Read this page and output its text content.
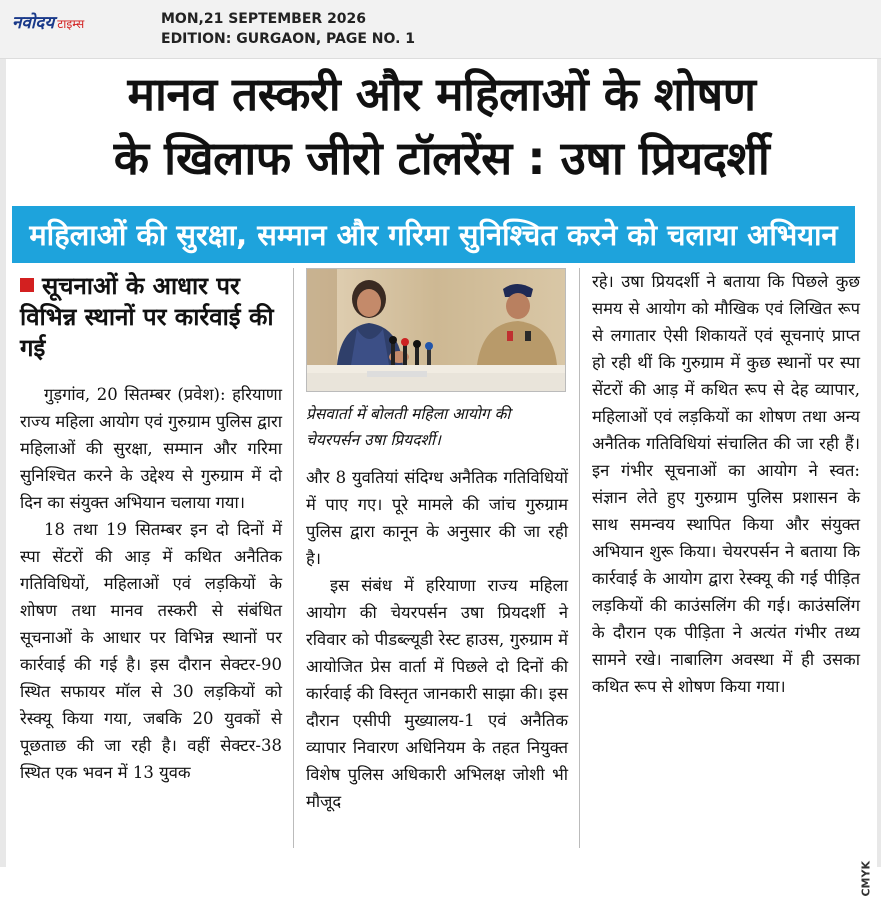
नवोदय टाइम्स	MON,21 SEPTEMBER 2026
EDITION: GURGAON, PAGE NO. 1
मानव तस्करी और महिलाओं के शोषण
के खिलाफ जीरो टॉलरेंस : उषा प्रियदर्शी
महिलाओं की सुरक्षा, सम्मान और गरिमा सुनिश्चित करने को चलाया अभियान
सूचनाओं के आधार पर विभिन्न स्थानों पर कार्रवाई की गई

गुड़गांव, 20 सितम्बर (प्रवेश): हरियाणा राज्य महिला आयोग एवं गुरुग्राम पुलिस द्वारा महिलाओं की सुरक्षा, सम्मान और गरिमा सुनिश्चित करने के उद्देश्य से गुरुग्राम में दो दिन का संयुक्त अभियान चलाया गया।

18 तथा 19 सितम्बर इन दो दिनों में स्पा सेंटरों की आड़ में कथित अनैतिक गतिविधियों, महिलाओं एवं लड़कियों के शोषण तथा मानव तस्करी से संबंधित सूचनाओं के आधार पर विभिन्न स्थानों पर कार्रवाई की गई है। इस दौरान सेक्टर-90 स्थित सफायर मॉल से 30 लड़कियों को रेस्क्यू किया गया, जबकि 20 युवकों से पूछताछ की जा रही है। वहीं सेक्टर-38 स्थित एक भवन में 13 युवक

प्रेसवार्ता में बोलती महिला आयोग की चेयरपर्सन उषा प्रियदर्शी।

और 8 युवतियां संदिग्ध अनैतिक गतिविधियों में पाए गए। पूरे मामले की जांच गुरुग्राम पुलिस द्वारा कानून के अनुसार की जा रही है।

इस संबंध में हरियाणा राज्य महिला आयोग की चेयरपर्सन उषा प्रियदर्शी ने रविवार को पीडब्ल्यूडी रेस्ट हाउस, गुरुग्राम में आयोजित प्रेस वार्ता में पिछले दो दिनों की कार्रवाई की विस्तृत जानकारी साझा की। इस दौरान एसीपी मुख्यालय-1 एवं अनैतिक व्यापार निवारण अधिनियम के तहत नियुक्त विशेष पुलिस अधिकारी अभिलक्ष जोशी भी मौजूद

रहे। उषा प्रियदर्शी ने बताया कि पिछले कुछ समय से आयोग को मौखिक एवं लिखित रूप से लगातार ऐसी शिकायतें एवं सूचनाएं प्राप्त हो रही थीं कि गुरुग्राम में कुछ स्थानों पर स्पा सेंटरों की आड़ में कथित रूप से देह व्यापार, महिलाओं एवं लड़कियों का शोषण तथा अन्य अनैतिक गतिविधियां संचालित की जा रही हैं। इन गंभीर सूचनाओं का आयोग ने स्वत: संज्ञान लेते हुए गुरुग्राम पुलिस प्रशासन के साथ समन्वय स्थापित किया और संयुक्त अभियान शुरू किया। चेयरपर्सन ने बताया कि कार्रवाई के आयोग द्वारा रेस्क्यू की गई पीड़ित लड़कियों की काउंसलिंग की गई। काउंसलिंग के दौरान एक पीड़िता ने अत्यंत गंभीर तथ्य सामने रखे। नाबालिग अवस्था में ही उसका कथित रूप से शोषण किया गया।

CMYK
